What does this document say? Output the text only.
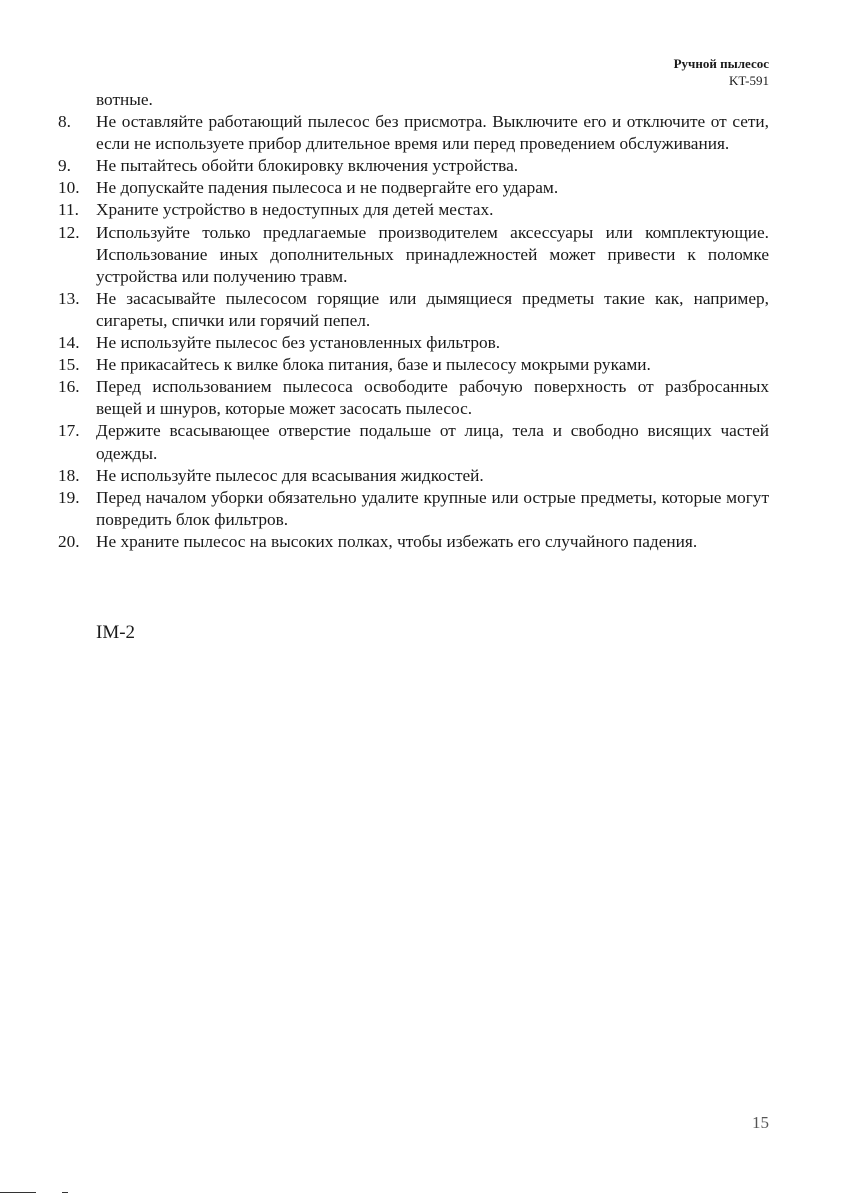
Ручной пылесос
KT-591
вотные.
8.	Не оставляйте работающий пылесос без присмотра. Выключите его и отключите от сети, если не используете прибор длительное время или перед проведением обслуживания.
9.	Не пытайтесь обойти блокировку включения устройства.
10. Не допускайте падения пылесоса и не подвергайте его ударам.
11. Храните устройство в недоступных для детей местах.
12. Используйте только предлагаемые производителем аксессуары или комплектующие. Использование иных дополнительных принадлежностей может привести к поломке устройства или получению травм.
13. Не засасывайте пылесосом горящие или дымящиеся предметы такие как, например, сигареты, спички или горячий пепел.
14. Не используйте пылесос без установленных фильтров.
15. Не прикасайтесь к вилке блока питания, базе и пылесосу мокрыми руками.
16. Перед использованием пылесоса освободите рабочую поверхность от разбросанных вещей и шнуров, которые может засосать пылесос.
17. Держите всасывающее отверстие подальше от лица, тела и свободно висящих частей одежды.
18. Не используйте пылесос для всасывания жидкостей.
19. Перед началом уборки обязательно удалите крупные или острые предметы, которые могут повредить блок фильтров.
20. Не храните пылесос на высоких полках, чтобы избежать его случайного падения.
IM-2
15
